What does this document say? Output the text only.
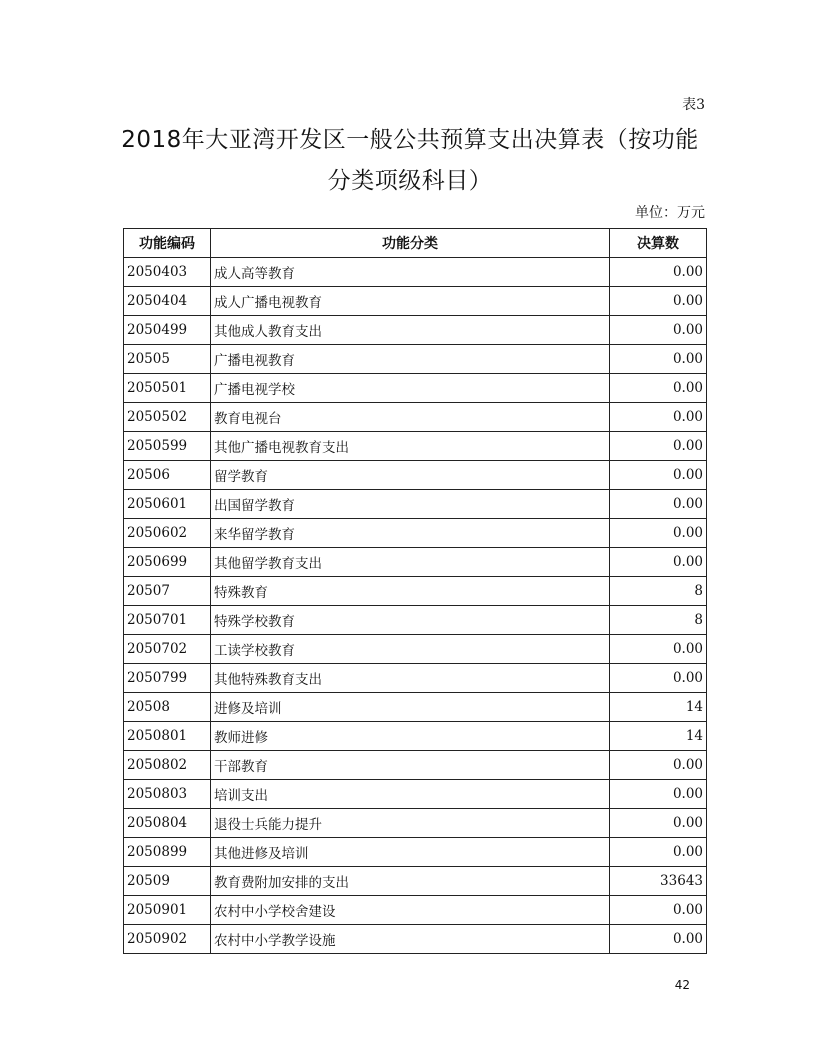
表3
2018年大亚湾开发区一般公共预算支出决算表（按功能分类项级科目）
单位：万元
功能编码	功能分类	决算数
2050403	成人高等教育	0.00
2050404	成人广播电视教育	0.00
2050499	其他成人教育支出	0.00
20505	广播电视教育	0.00
2050501	广播电视学校	0.00
2050502	教育电视台	0.00
2050599	其他广播电视教育支出	0.00
20506	留学教育	0.00
2050601	出国留学教育	0.00
2050602	来华留学教育	0.00
2050699	其他留学教育支出	0.00
20507	特殊教育	8
2050701	特殊学校教育	8
2050702	工读学校教育	0.00
2050799	其他特殊教育支出	0.00
20508	进修及培训	14
2050801	教师进修	14
2050802	干部教育	0.00
2050803	培训支出	0.00
2050804	退役士兵能力提升	0.00
2050899	其他进修及培训	0.00
20509	教育费附加安排的支出	33643
2050901	农村中小学校舍建设	0.00
2050902	农村中小学教学设施	0.00
42
